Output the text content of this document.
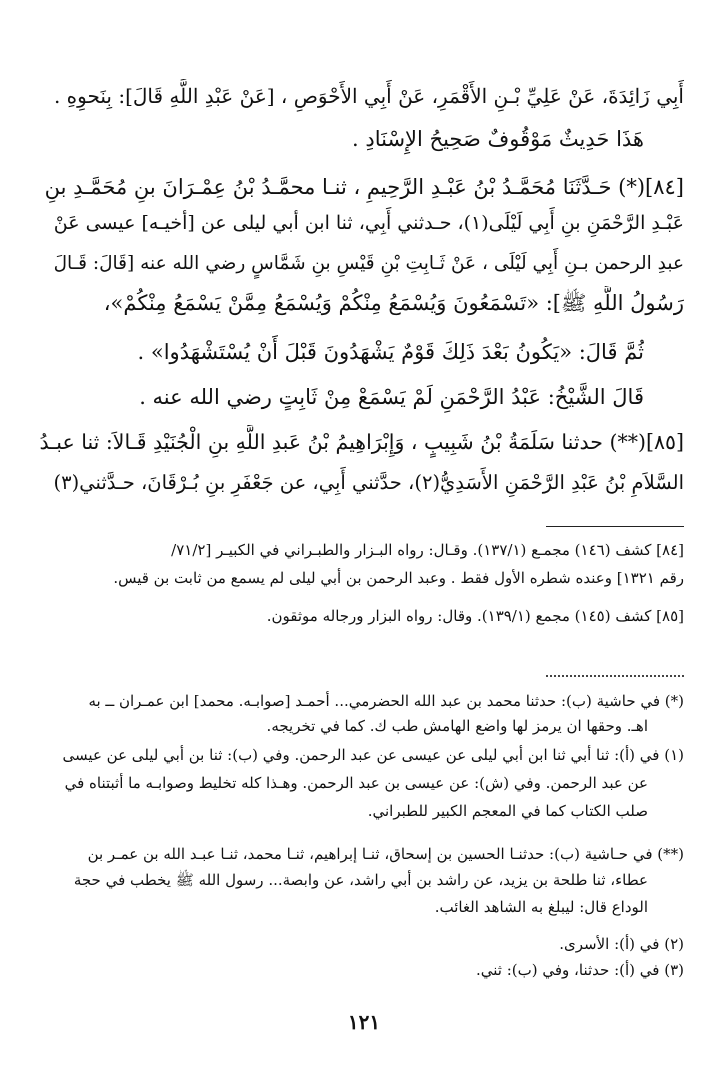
أَبِي زَائِدَةَ، عَنْ عَلِيِّ بْـنِ الأَقْمَرِ، عَنْ أَبِي الأَحْوَصِ ، [عَنْ عَبْدِ اللَّهِ قَالَ]: بِنَحوِهِ .
هَذَا حَدِيثٌ مَوْقُوفٌ صَحِيحُ الإِسْنَادِ .
[٨٤](*) حَـدَّثَنَا مُحَمَّـدُ بْنُ عَبْـدِ الرَّحِيمِ ، ثنـا محمَّـدُ بْنُ عِمْـرَانَ بنِ مُحَمَّـدِ بنِ
عَبْـدِ الرَّحْمَنِ بنِ أَبِي لَيْلَى(١)، حـدثني أَبِي، ثنا ابن أبي ليلى عن [أخيـه] عيسى عَنْ
عبدِ الرحمن بـنِ أَبِي لَيْلَى ، عَنْ ثَـابِتِ بْنِ قَيْسِ بنِ شَمَّاسٍ رضي الله عنه [قَالَ: قَـالَ
رَسُولُ اللَّهِ ﷺ]: «تَسْمَعُونَ وَيُسْمَعُ مِنْكُمْ وَيُسْمَعُ مِمَّنْ يَسْمَعُ مِنْكُمْ»،
ثُمَّ قَالَ: «يَكُونُ بَعْدَ ذَلِكَ قَوْمٌ يَشْهَدُونَ قَبْلَ أَنْ يُسْتَشْهَدُوا» .
قَالَ الشَّيْخُ: عَبْدُ الرَّحْمَنِ لَمْ يَسْمَعْ مِنْ ثَابِتٍ رضي الله عنه .
[٨٥](**) حدثنا سَلَمَةُ بْنُ شَبِيبٍ ، وَإِبْرَاهِيمُ بْنُ عَبدِ اللَّهِ بنِ الْجُنَيْدِ قَـالاَ: ثنا عبـدُ
السَّلاَمِ بْنُ عَبْدِ الرَّحْمَنِ الأَسَدِيُّ(٢)، حدَّثني أَبِي، عن جَعْفَرِ بنِ بُـرْقَانَ، حـدَّثني(٣)
[٨٤] كشف (١٤٦) مجمـع (١٣٧/١). وقـال: رواه البـزار والطبـراني في الكبيـر [٧١/٢/
رقم ١٣٢١] وعنده شطره الأول فقط . وعبد الرحمن بن أبي ليلى لم يسمع من ثابت بن قيس.
[٨٥] كشف (١٤٥) مجمع (١٣٩/١). وقال: رواه البزار ورجاله موثقون.
(*) في حاشية (ب): حدثنا محمد بن عبد الله الحضرمي... أحمـد [صوابـه. محمد] ابن عمـران ــ به
اهـ. وحقها ان يرمز لها واضع الهامش طب ك. كما في تخريجه.
(١) في (أ): ثنا أبي ثنا ابن أبي ليلى عن عيسى عن عبد الرحمن. وفي (ب): ثنا بن أبي ليلى عن عيسى
عن عبد الرحمن. وفي (ش): عن عيسى بن عبد الرحمن. وهـذا كله تخليط وصوابـه ما أثبتناه في
صلب الكتاب كما في المعجم الكبير للطبراني.
(**) في حـاشية (ب): حدثنـا الحسين بن إسحاق، ثنـا إبراهيم، ثنـا محمد، ثنـا عبـد الله بن عمـر بن
عطاء، ثنا طلحة بن يزيد، عن راشد بن أبي راشد، عن وابصة... رسول الله ﷺ يخطب في حجة
الوداع قال: ليبلغ به الشاهد الغائب.
(٢) في (أ): الأسرى.
(٣) في (أ): حدثنا، وفي (ب): ثني.
١٢١
